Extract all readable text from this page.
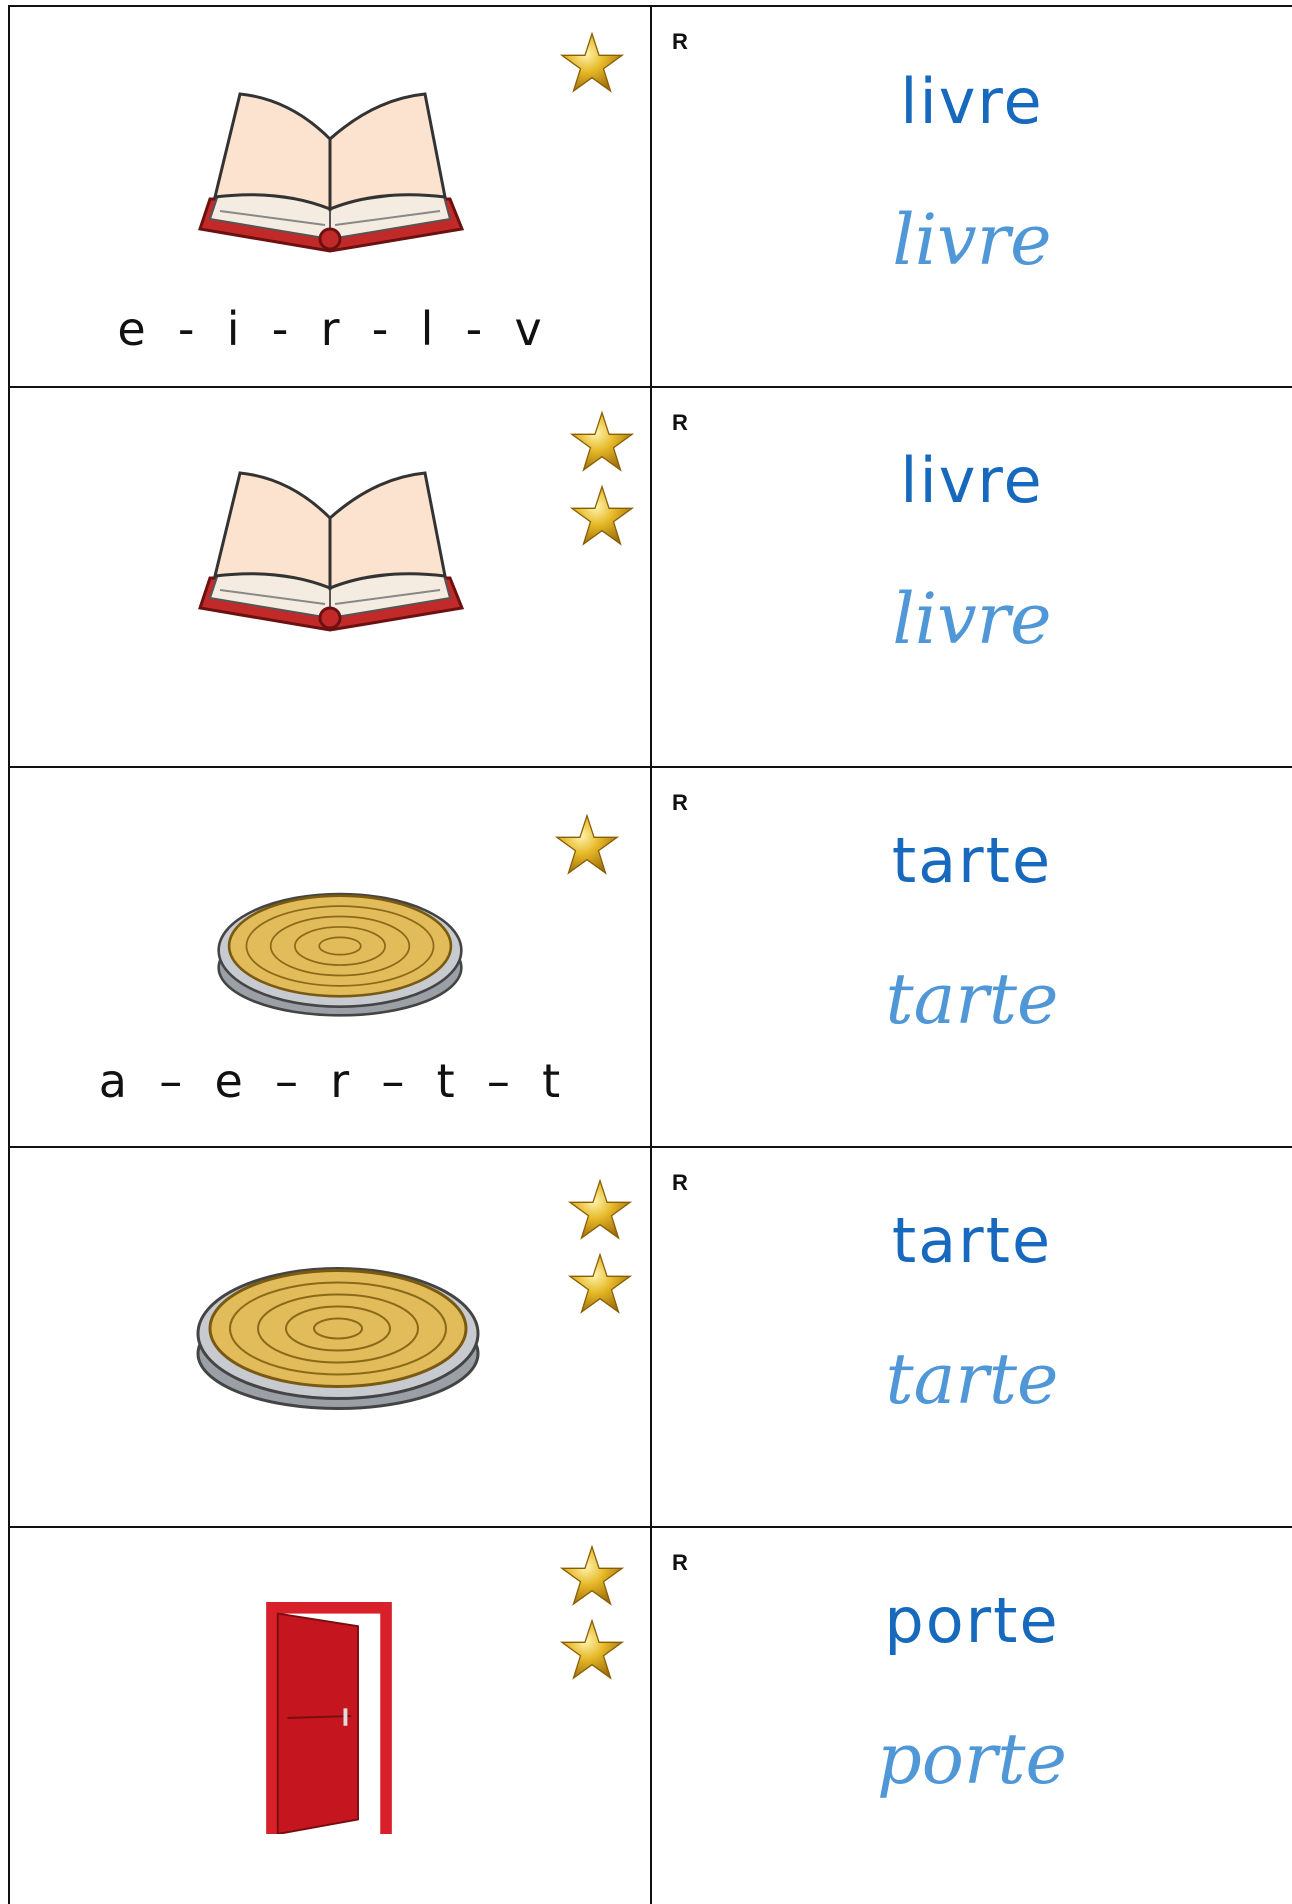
e  -  i  -  r  -  l  -  v
R
livre
livre
R
livre
livre
a  –  e  –  r  –  t  –  t
R
tarte
tarte
R
tarte
tarte
R
porte
porte
